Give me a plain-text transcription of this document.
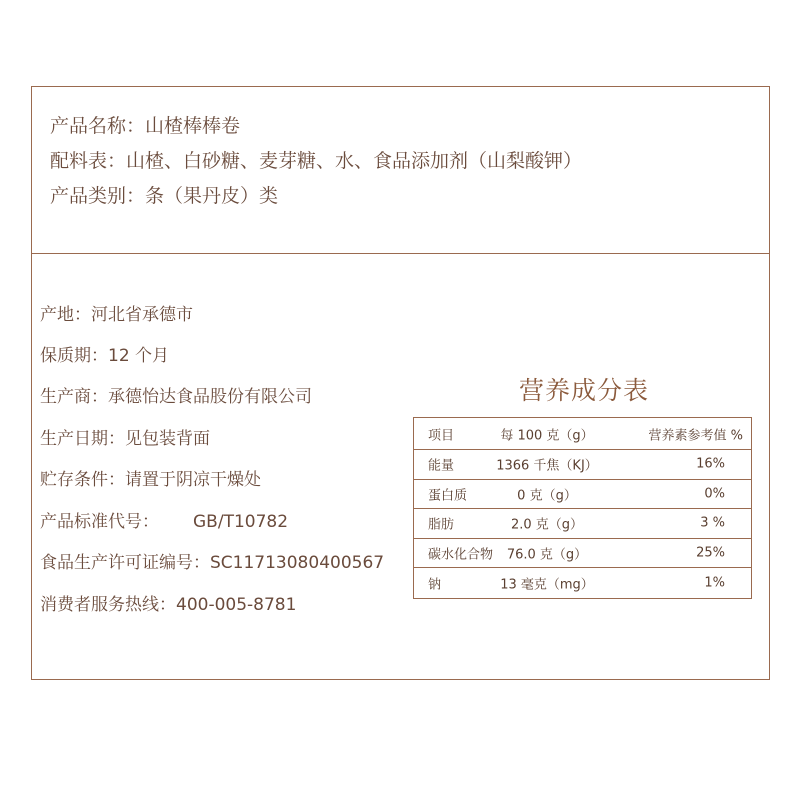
产品名称：山楂棒棒卷
配料表：山楂、白砂糖、麦芽糖、水、食品添加剂（山梨酸钾）
产品类别：条（果丹皮）类
产地：河北省承德市
保质期：12 个月
生产商：承德怡达食品股份有限公司
生产日期：见包装背面
贮存条件：请置于阴凉干燥处
产品标准代号： GB/T10782
食品生产许可证编号：SC11713080400567
消费者服务热线：400-005-8781
营养成分表
项目	每 100 克（g）	营养素参考值 %
能量	1366 千焦（KJ）	16%
蛋白质	0 克（g）	0%
脂肪	2.0 克（g）	3 %
碳水化合物	76.0 克（g）	25%
钠	13 毫克（mg）	1%
